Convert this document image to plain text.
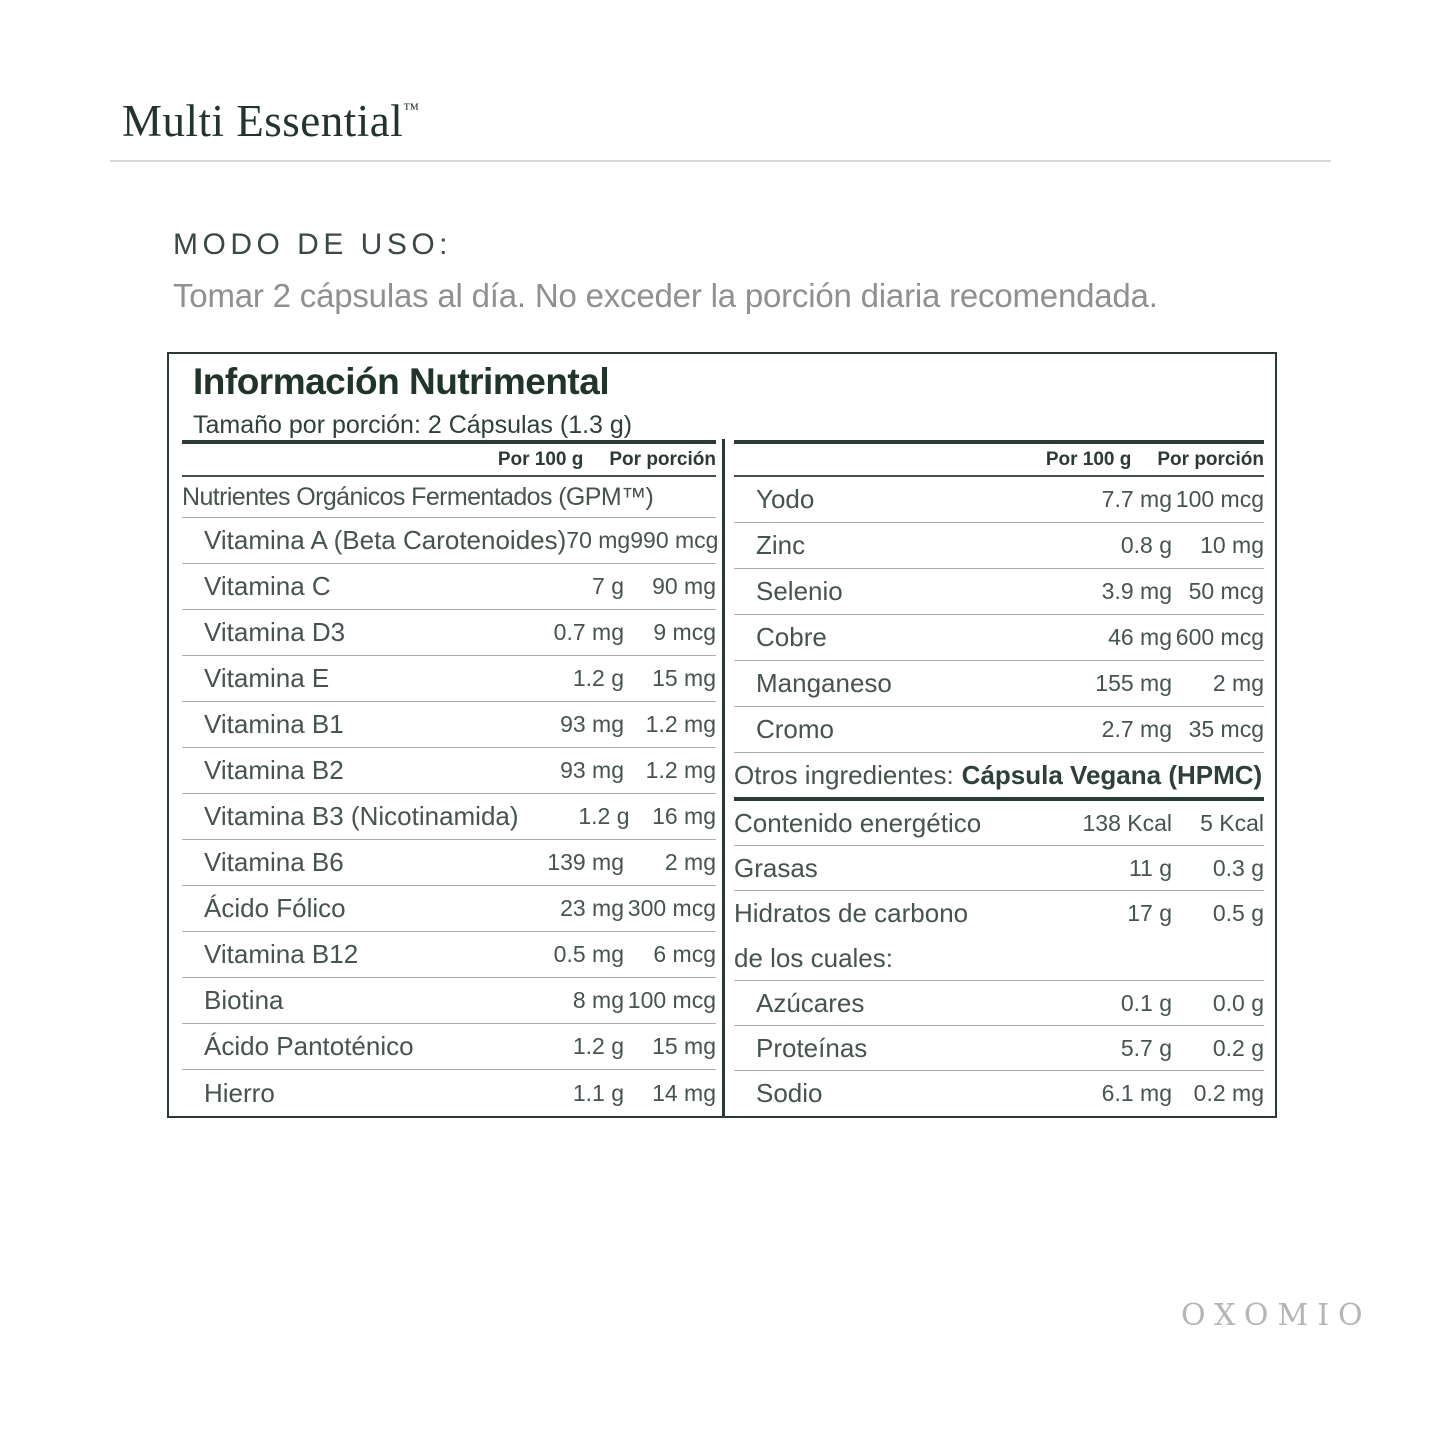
Multi Essential™
MODO DE USO:
Tomar 2 cápsulas al día. No exceder la porción diaria recomendada.
Información Nutrimental
Tamaño por porción: 2 Cápsulas (1.3 g)
Por 100 g Por porción
Nutrientes Orgánicos Fermentados (GPM™)
Vitamina A (Beta Carotenoides) 70 mg 990 mcg
Vitamina C	7 g	90 mg
Vitamina D3	0.7 mg	9 mcg
Vitamina E	1.2 g	15 mg
Vitamina B1	93 mg 1.2 mg
Vitamina B2	93 mg 1.2 mg
Vitamina B3 (Nicotinamida)	1.2 g 16 mg
Vitamina B6	139 mg	2 mg
Ácido Fólico	23 mg 300 mcg
Vitamina B12	0.5 mg	6 mcg
Biotina	8 mg 100 mcg
Ácido Pantoténico	1.2 g	15 mg
Hierro	1.1 g	14 mg
Por 100 g Por porción
Yodo	7.7 mg 100 mcg
Zinc	0.8 g	10 mg
Selenio	3.9 mg 50 mcg
Cobre	46 mg 600 mcg
Manganeso	155 mg	2 mg
Cromo	2.7 mg 35 mcg
Otros ingredientes: Cápsula Vegana (HPMC)
Contenido energético	138 Kcal	5 Kcal
Grasas	11 g	0.3 g
Hidratos de carbono	17 g	0.5 g
de los cuales:
Azúcares	0.1 g	0.0 g
Proteínas	5.7 g	0.2 g
Sodio	6.1 mg 0.2 mg
OXOMIO
